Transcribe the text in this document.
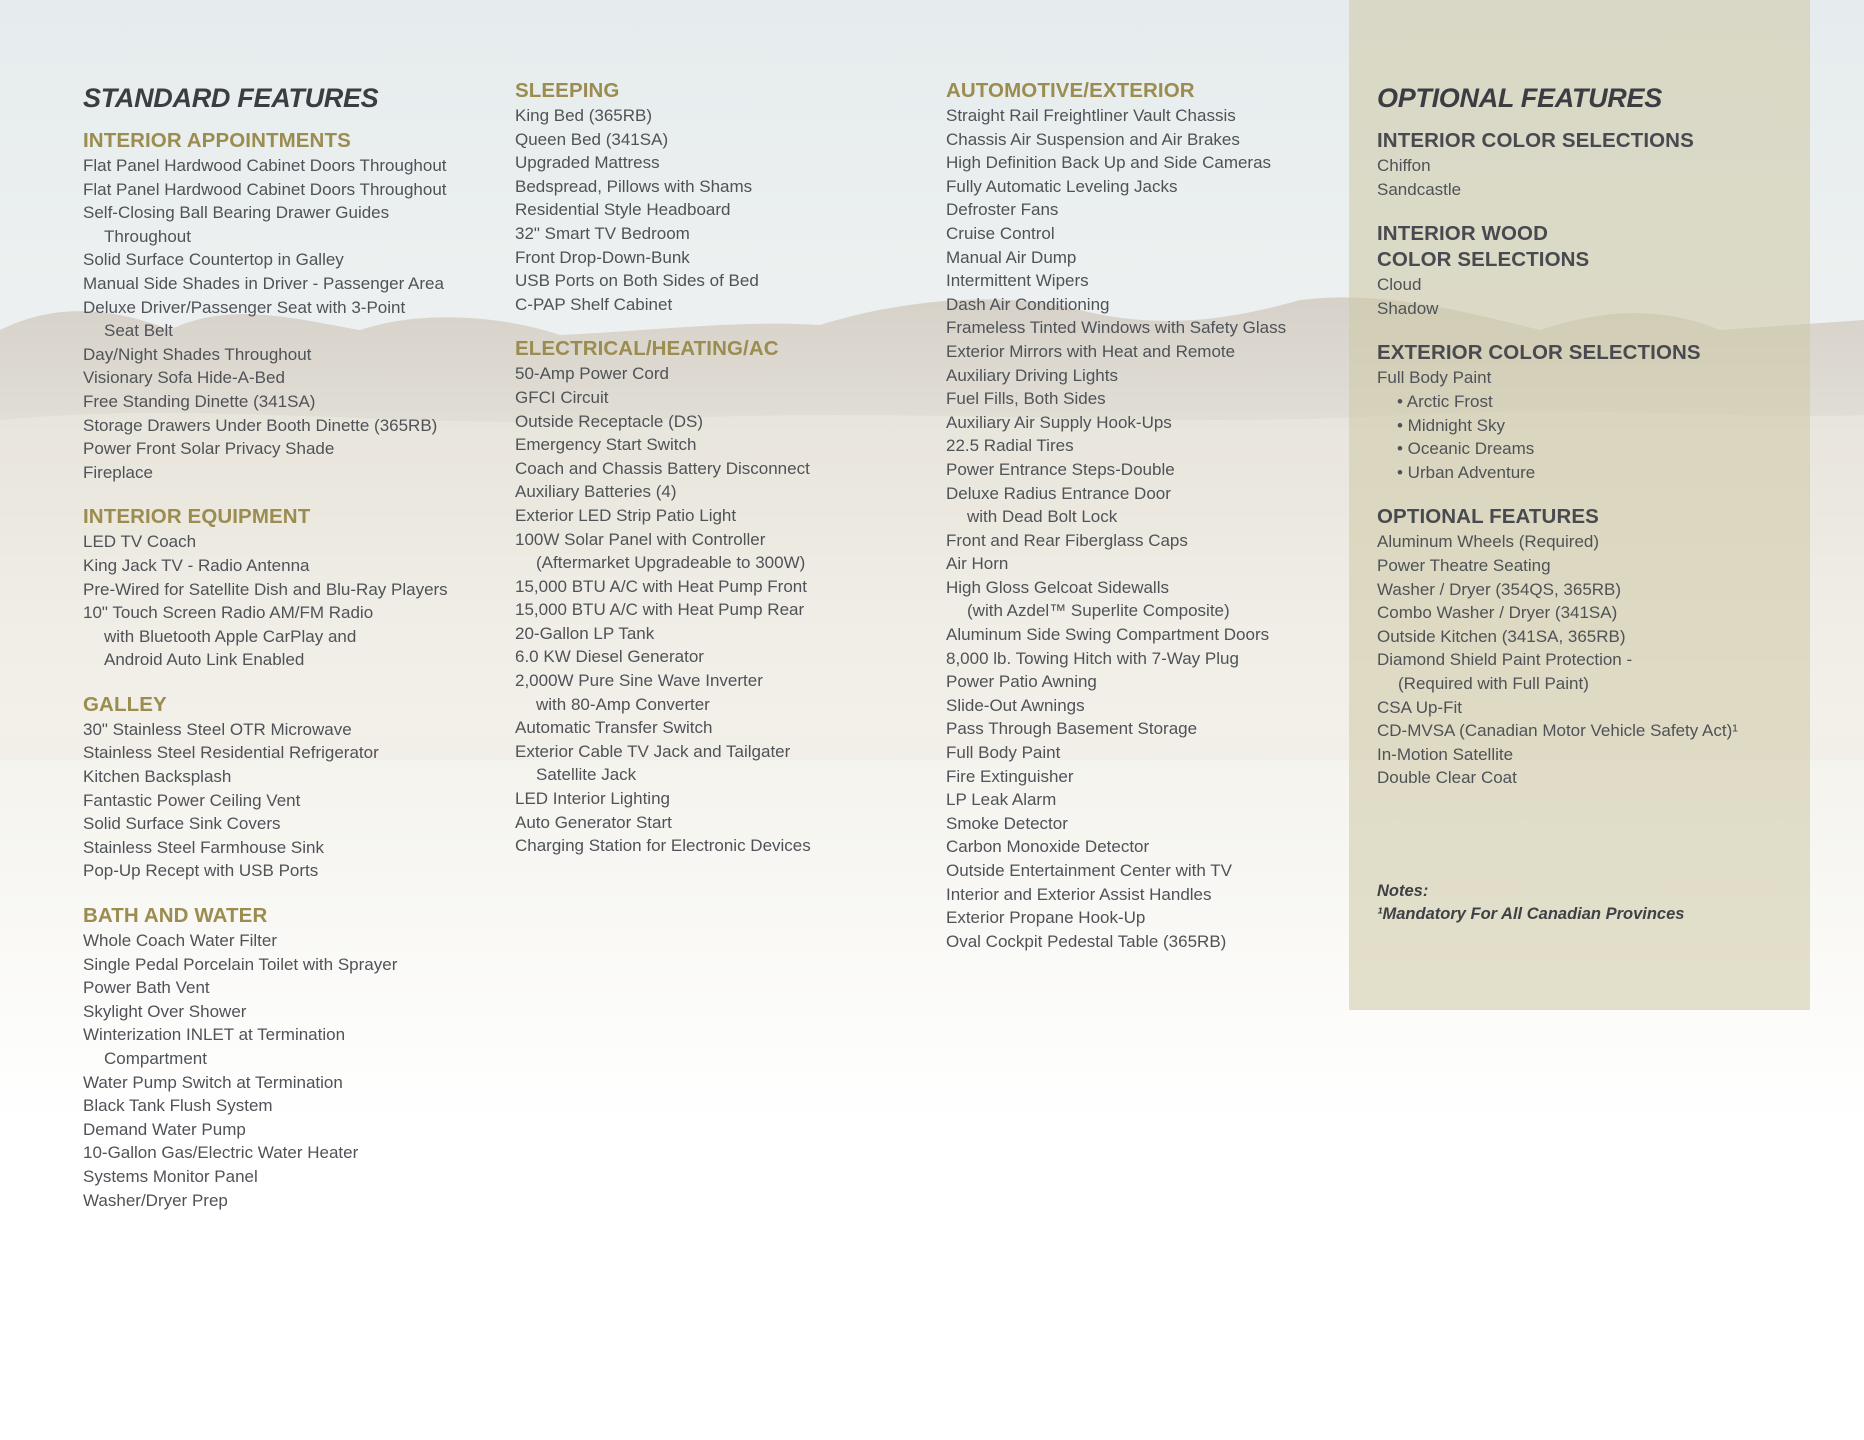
STANDARD FEATURES
INTERIOR APPOINTMENTS
Flat Panel Hardwood Cabinet Doors Throughout
Flat Panel Hardwood Cabinet Doors Throughout
Self-Closing Ball Bearing Drawer Guides
Throughout
Solid Surface Countertop in Galley
Manual Side Shades in Driver - Passenger Area
Deluxe Driver/Passenger Seat with 3-Point
Seat Belt
Day/Night Shades Throughout
Visionary Sofa Hide-A-Bed
Free Standing Dinette (341SA)
Storage Drawers Under Booth Dinette (365RB)
Power Front Solar Privacy Shade
Fireplace
INTERIOR EQUIPMENT
LED TV Coach
King Jack TV - Radio Antenna
Pre-Wired for Satellite Dish and Blu-Ray Players
10" Touch Screen Radio AM/FM Radio
with Bluetooth Apple CarPlay and
Android Auto Link Enabled
GALLEY
30" Stainless Steel OTR Microwave
Stainless Steel Residential Refrigerator
Kitchen Backsplash
Fantastic Power Ceiling Vent
Solid Surface Sink Covers
Stainless Steel Farmhouse Sink
Pop-Up Recept with USB Ports
BATH AND WATER
Whole Coach Water Filter
Single Pedal Porcelain Toilet with Sprayer
Power Bath Vent
Skylight Over Shower
Winterization INLET at Termination
Compartment
Water Pump Switch at Termination
Black Tank Flush System
Demand Water Pump
10-Gallon Gas/Electric Water Heater
Systems Monitor Panel
Washer/Dryer Prep
SLEEPING
King Bed (365RB)
Queen Bed (341SA)
Upgraded Mattress
Bedspread, Pillows with Shams
Residential Style Headboard
32" Smart TV Bedroom
Front Drop-Down-Bunk
USB Ports on Both Sides of Bed
C-PAP Shelf Cabinet
ELECTRICAL/HEATING/AC
50-Amp Power Cord
GFCI Circuit
Outside Receptacle (DS)
Emergency Start Switch
Coach and Chassis Battery Disconnect
Auxiliary Batteries (4)
Exterior LED Strip Patio Light
100W Solar Panel with Controller
(Aftermarket Upgradeable to 300W)
15,000 BTU A/C with Heat Pump Front
15,000 BTU A/C with Heat Pump Rear
20-Gallon LP Tank
6.0 KW Diesel Generator
2,000W Pure Sine Wave Inverter
with 80-Amp Converter
Automatic Transfer Switch
Exterior Cable TV Jack and Tailgater
Satellite Jack
LED Interior Lighting
Auto Generator Start
Charging Station for Electronic Devices
AUTOMOTIVE/EXTERIOR
Straight Rail Freightliner Vault Chassis
Chassis Air Suspension and Air Brakes
High Definition Back Up and Side Cameras
Fully Automatic Leveling Jacks
Defroster Fans
Cruise Control
Manual Air Dump
Intermittent Wipers
Dash Air Conditioning
Frameless Tinted Windows with Safety Glass
Exterior Mirrors with Heat and Remote
Auxiliary Driving Lights
Fuel Fills, Both Sides
Auxiliary Air Supply Hook-Ups
22.5 Radial Tires
Power Entrance Steps-Double
Deluxe Radius Entrance Door
with Dead Bolt Lock
Front and Rear Fiberglass Caps
Air Horn
High Gloss Gelcoat Sidewalls
(with Azdel™ Superlite Composite)
Aluminum Side Swing Compartment Doors
8,000 lb. Towing Hitch with 7-Way Plug
Power Patio Awning
Slide-Out Awnings
Pass Through Basement Storage
Full Body Paint
Fire Extinguisher
LP Leak Alarm
Smoke Detector
Carbon Monoxide Detector
Outside Entertainment Center with TV
Interior and Exterior Assist Handles
Exterior Propane Hook-Up
Oval Cockpit Pedestal Table (365RB)
OPTIONAL FEATURES
INTERIOR COLOR SELECTIONS
Chiffon
Sandcastle
INTERIOR WOOD
COLOR SELECTIONS
Cloud
Shadow
EXTERIOR COLOR SELECTIONS
Full Body Paint
• Arctic Frost
• Midnight Sky
• Oceanic Dreams
• Urban Adventure
OPTIONAL FEATURES
Aluminum Wheels (Required)
Power Theatre Seating
Washer / Dryer (354QS, 365RB)
Combo Washer / Dryer (341SA)
Outside Kitchen (341SA, 365RB)
Diamond Shield Paint Protection -
(Required with Full Paint)
CSA Up-Fit
CD-MVSA (Canadian Motor Vehicle Safety Act)¹
In-Motion Satellite
Double Clear Coat
Notes:
¹Mandatory For All Canadian Provinces
